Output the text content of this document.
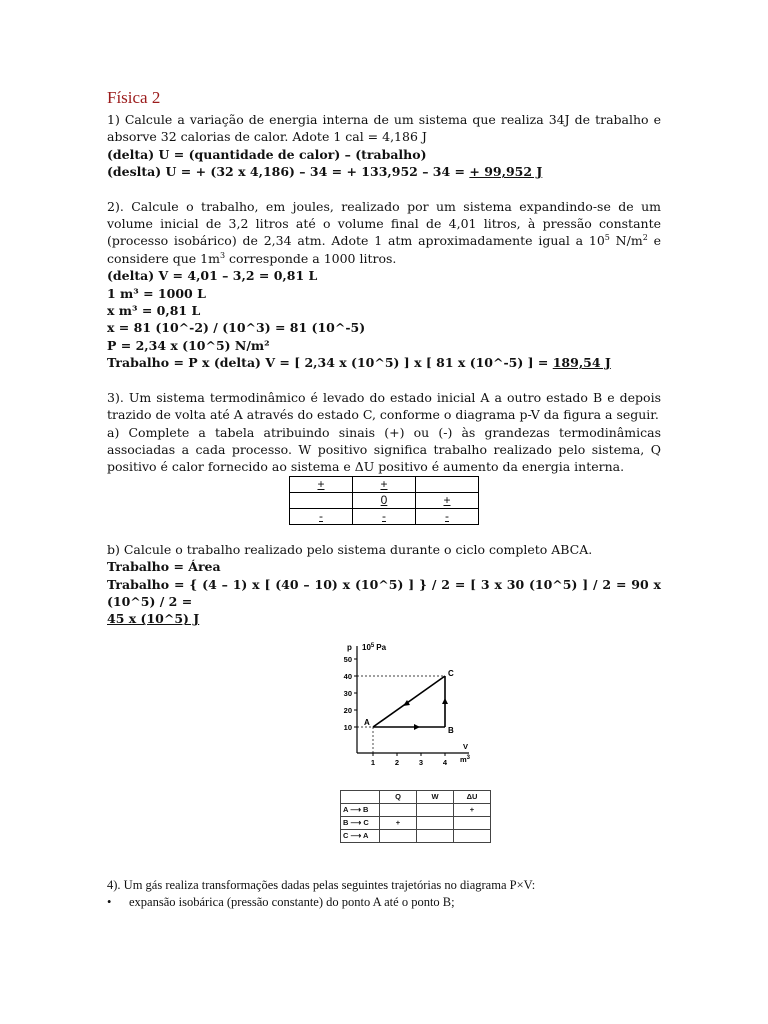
Física 2

1) Calcule a variação de energia interna de um sistema que realiza 34J de trabalho e absorve 32 calorias de calor. Adote 1 cal = 4,186 J

(delta) U = (quantidade de calor) – (trabalho)

(deslta) U = + (32 x 4,186) – 34 = + 133,952 – 34 = + 99,952 J

2). Calcule o trabalho, em joules, realizado por um sistema expandindo-se de um volume inicial de 3,2 litros até o volume final de 4,01 litros, à pressão constante (processo isobárico) de 2,34 atm. Adote 1 atm aproximadamente igual a $10^5$ $N/m^2$ e considere que $1m^3$ corresponde a 1000 litros.

(delta) V = 4,01 – 3,2 = 0,81 L

1 m³ = 1000 L

x m³ = 0,81 L

x = 81 (10^-2) / (10^3) = 81 (10^-5)

P = 2,34 x (10^5) N/m²

Trabalho = P x (delta) V = [ 2,34 x (10^5) ] x [ 81 x (10^-5) ] = 189,54 J

3). Um sistema termodinâmico é levado do estado inicial A a outro estado B e depois trazido de volta até A através do estado C, conforme o diagrama p-V da figura a seguir.

a) Complete a tabela atribuindo sinais (+) ou (-) às grandezas termodinâmicas associadas a cada processo. W positivo significa trabalho realizado pelo sistema, Q positivo é calor fornecido ao sistema e ΔU positivo é aumento da energia interna.

+	+	
	0	+
-	-	-

b) Calcule o trabalho realizado pelo sistema durante o ciclo completo ABCA.

Trabalho = Área

Trabalho = { (4 – 1) x [ (40 – 10) x (10^5) ] } / 2 = [ 3 x 30 (10^5) ] / 2 = 90 x (10^5) / 2 =

45 x (10^5) J

p $10^5$ Pa
50
40
30
20
10
1	2	3	4
V
$m^3$
A
B
C
	Q	W	ΔU
A ⟶ B			+
B ⟶ C	+		
C ⟶ A			

4). Um gás realiza transformações dadas pelas seguintes trajetórias no diagrama P×V:

• expansão isobárica (pressão constante) do ponto A até o ponto B;
